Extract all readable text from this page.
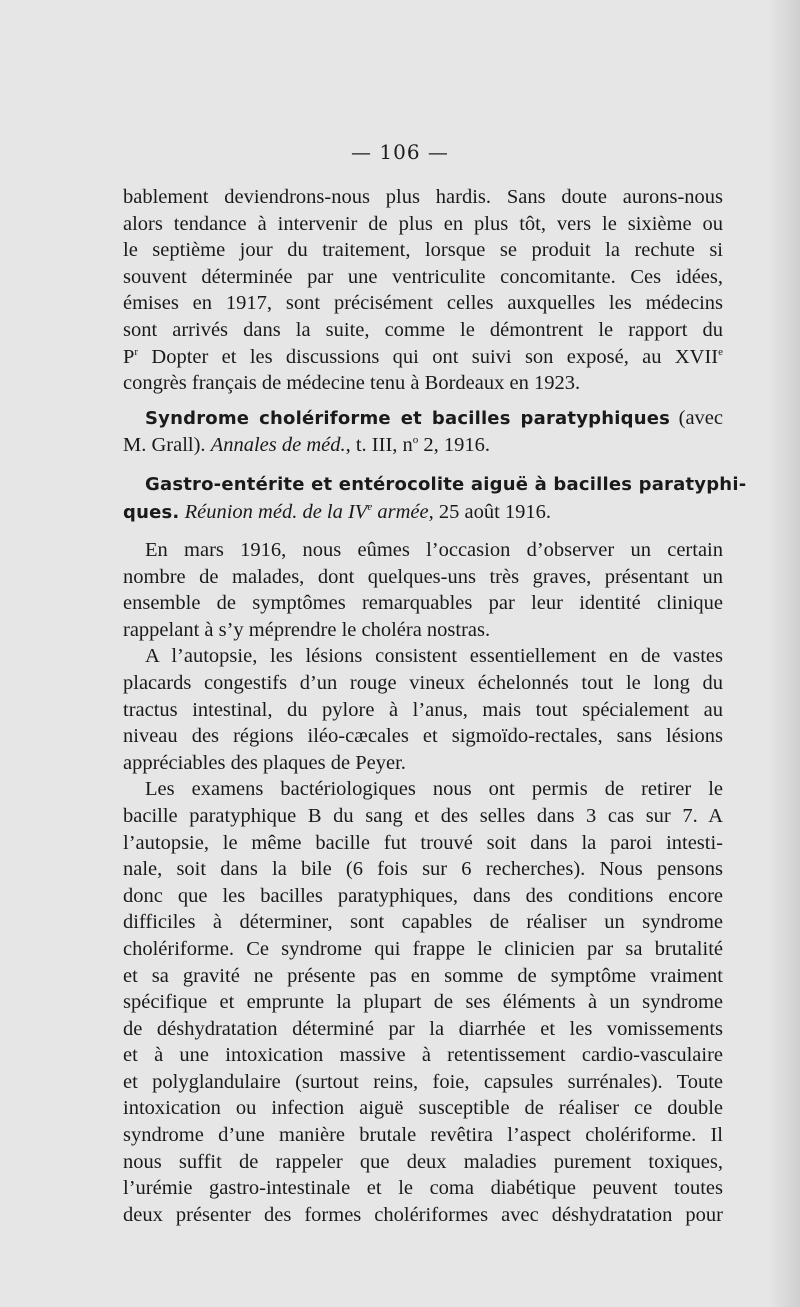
— 106 —
bablement deviendrons-nous plus hardis. Sans doute aurons-nous
alors tendance à intervenir de plus en plus tôt, vers le sixième ou
le septième jour du traitement, lorsque se produit la rechute si
souvent déterminée par une ventriculite concomitante. Ces idées,
émises en 1917, sont précisément celles auxquelles les médecins
sont arrivés dans la suite, comme le démontrent le rapport du
$P^r$ Dopter et les discussions qui ont suivi son exposé, au XVIIe
congrès français de médecine tenu à Bordeaux en 1923.
Syndrome cholériforme et bacilles paratyphiques (avec
M. Grall). Annales de méd., t. III, $n^o$ 2, 1916.
Gastro-entérite et entérocolite aiguë à bacilles paratyphi-
ques. Réunion méd. de la IVe armée, 25 août 1916.
En mars 1916, nous eûmes l’occasion d’observer un certain
nombre de malades, dont quelques-uns très graves, présentant un
ensemble de symptômes remarquables par leur identité clinique
rappelant à s’y méprendre le choléra nostras.
A l’autopsie, les lésions consistent essentiellement en de vastes
placards congestifs d’un rouge vineux échelonnés tout le long du
tractus intestinal, du pylore à l’anus, mais tout spécialement au
niveau des régions iléo-cæcales et sigmoïdo-rectales, sans lésions
appréciables des plaques de Peyer.
Les examens bactériologiques nous ont permis de retirer le
bacille paratyphique B du sang et des selles dans 3 cas sur 7. A
l’autopsie, le même bacille fut trouvé soit dans la paroi intesti-
nale, soit dans la bile (6 fois sur 6 recherches). Nous pensons
donc que les bacilles paratyphiques, dans des conditions encore
difficiles à déterminer, sont capables de réaliser un syndrome
cholériforme. Ce syndrome qui frappe le clinicien par sa brutalité
et sa gravité ne présente pas en somme de symptôme vraiment
spécifique et emprunte la plupart de ses éléments à un syndrome
de déshydratation déterminé par la diarrhée et les vomissements
et à une intoxication massive à retentissement cardio-vasculaire
et polyglandulaire (surtout reins, foie, capsules surrénales). Toute
intoxication ou infection aiguë susceptible de réaliser ce double
syndrome d’une manière brutale revêtira l’aspect cholériforme. Il
nous suffit de rappeler que deux maladies purement toxiques,
l’urémie gastro-intestinale et le coma diabétique peuvent toutes
deux présenter des formes cholériformes avec déshydratation pour
